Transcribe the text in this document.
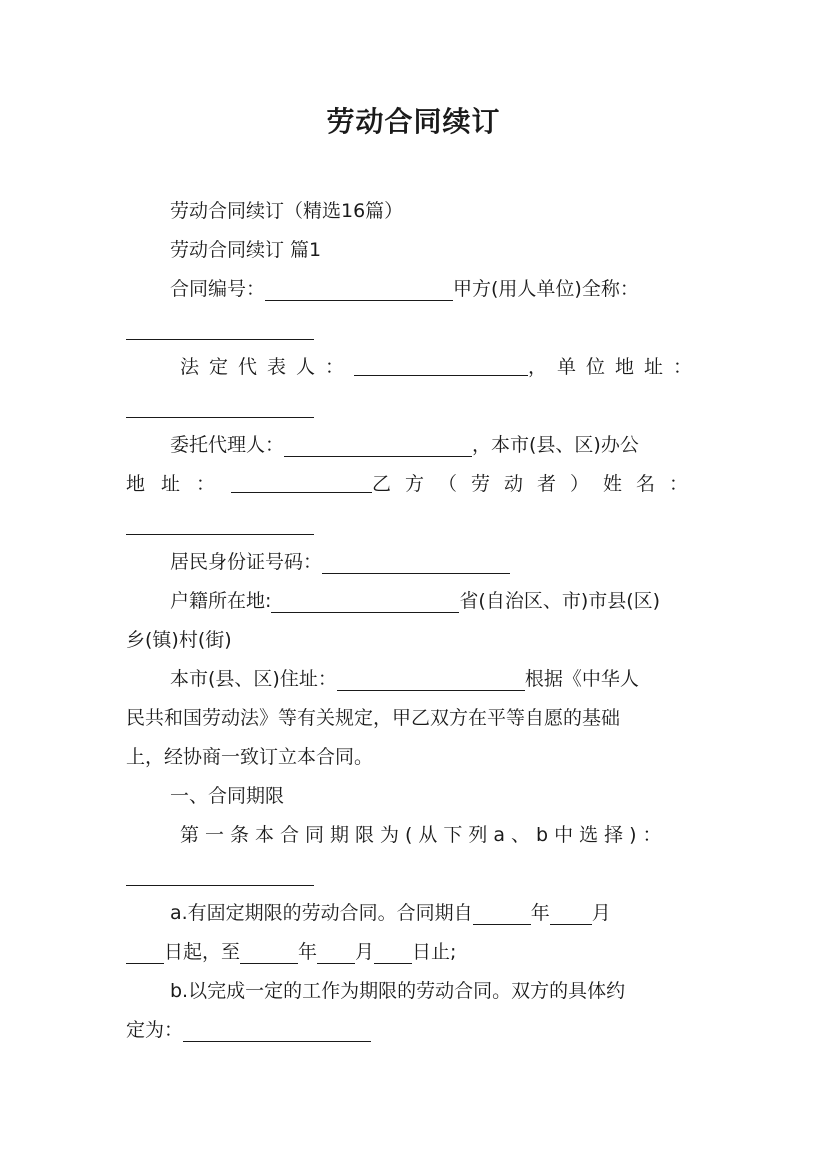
劳动合同续订
劳动合同续订（精选16篇）
劳动合同续订 篇1
合同编号：	甲方(用人单位)全称：
法定代表人：	，单位地址：
委托代理人：	，本市(县、区)办公
地址：	乙方（劳动者）姓名：
居民身份证号码：
户籍所在地:	省(自治区、市)市县(区)
乡(镇)村(街)
本市(县、区)住址：	根据《中华人
民共和国劳动法》等有关规定，甲乙双方在平等自愿的基础
上，经协商一致订立本合同。
一、合同期限
第一条本合同期限为(从下列a、b中选择)：
a.有固定期限的劳动合同。合同期自	年 月
日起，至	年 月 日止;
b.以完成一定的工作为期限的劳动合同。双方的具体约
定为：
